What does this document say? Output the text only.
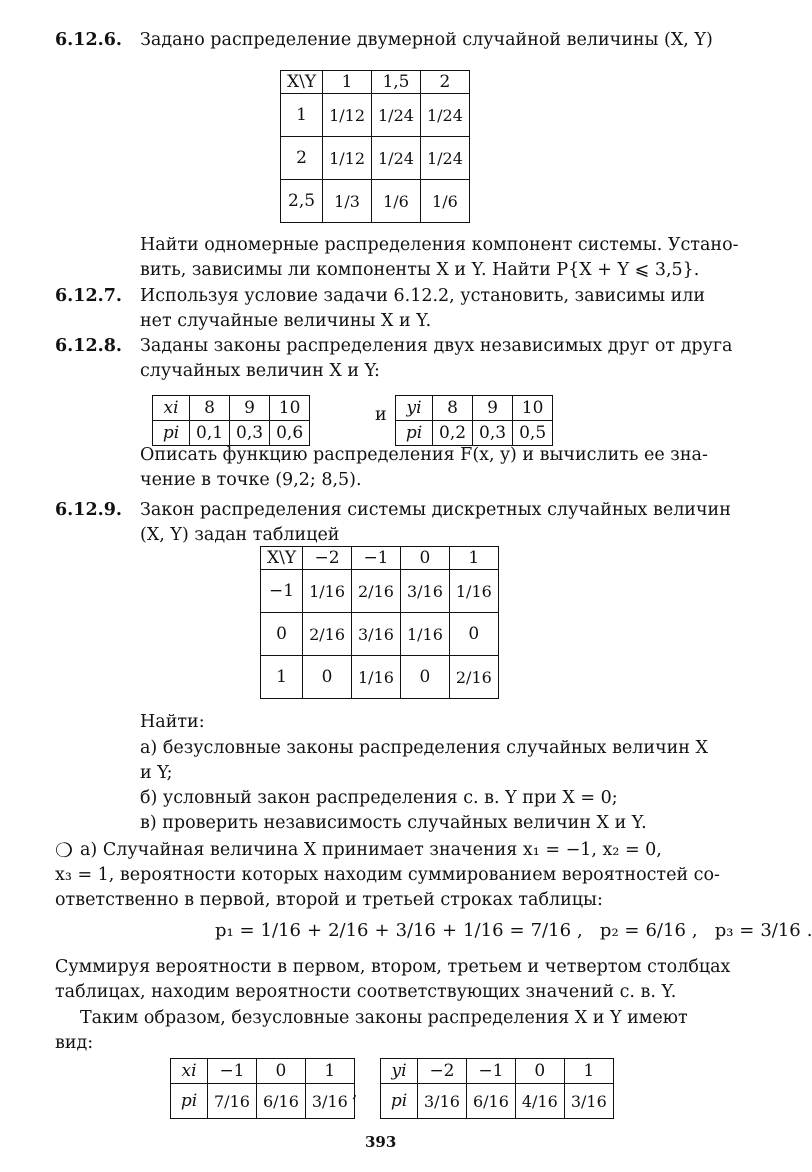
6.12.6. Задано распределение двумерной случайной величины (X, Y)
X\Y	1	1,5	2
1	1/12	1/24	1/24
2	1/12	1/24	1/24
2,5	1/3	1/6	1/6
Найти одномерные распределения компонент системы. Устано-
вить, зависимы ли компоненты X и Y. Найти P{X + Y ⩽ 3,5}.
6.12.7. Используя условие задачи 6.12.2, установить, зависимы или
нет случайные величины X и Y.
6.12.8. Заданы законы распределения двух независимых друг от друга
случайных величин X и Y:
xi	8	9	10
pi	0,1	0,3	0,6
и yi	8	9	10
pi	0,2	0,3	0,5
Описать функцию распределения F(x, y) и вычислить ее зна-
чение в точке (9,2; 8,5).
6.12.9. Закон распределения системы дискретных случайных величин
(X, Y) задан таблицей
X\Y	−2	−1	0	1
−1	1/16	2/16	3/16	1/16
0	2/16	3/16	1/16	0
1	0	1/16	0	2/16
Найти:
а) безусловные законы распределения случайных величин X
и Y;
б) условный закон распределения с. в. Y при X = 0;
в) проверить независимость случайных величин X и Y.
❍ а) Случайная величина X принимает значения x₁ = −1, x₂ = 0,
x₃ = 1, вероятности которых находим суммированием вероятностей со-
ответственно в первой, второй и третьей строках таблицы:
p₁ = 1/16 + 2/16 + 3/16 + 1/16 = 7/16 ,   p₂ = 6/16 ,   p₃ = 3/16 .
Суммируя вероятности в первом, втором, третьем и четвертом столбцах
таблицах, находим вероятности соответствующих значений с. в. Y.
Таким образом, безусловные законы распределения X и Y имеют
вид:
xi	−1	0	1
pi	7/16	6/16	3/16 ,
yi	−2	−1	0	1
pi	3/16	6/16	4/16	3/16
393
